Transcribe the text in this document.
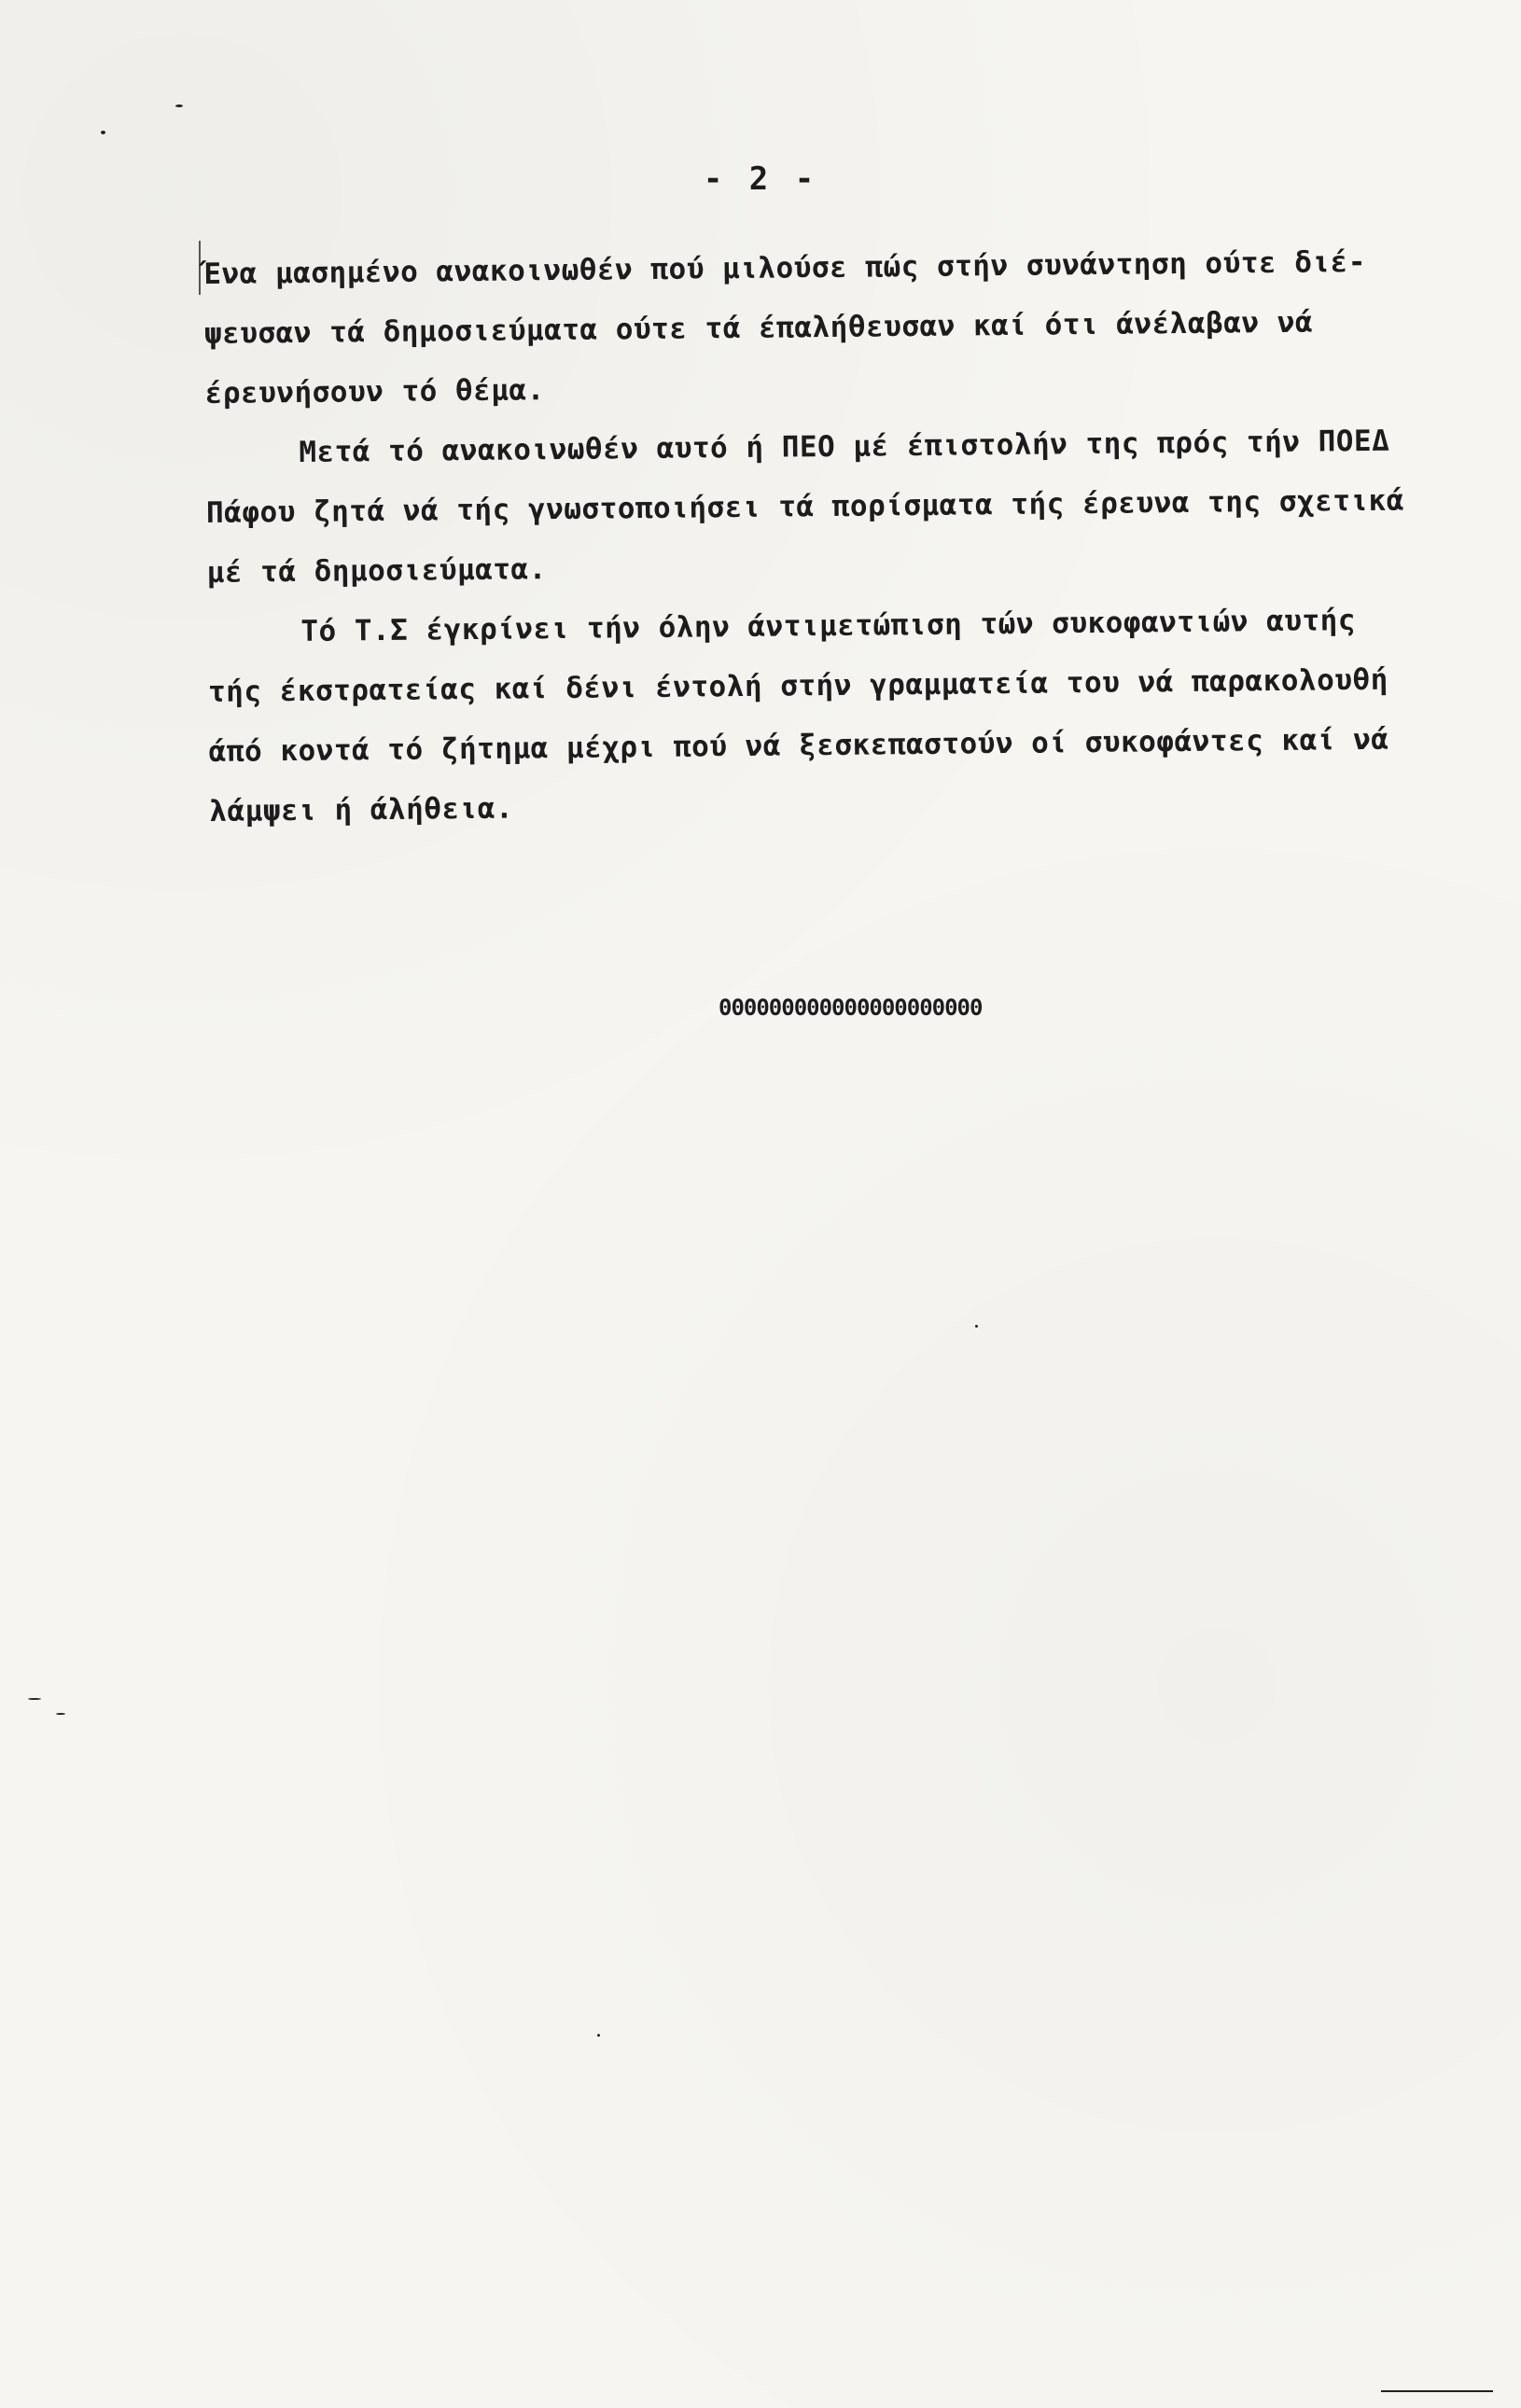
- 2 -
Ένα μασημένο ανακοινωθέν πού μιλούσε πώς στήν συνάντηση ούτε διέ-
ψευσαν τά δημοσιεύματα ούτε τά έπαλήθευσαν καί ότι άνέλαβαν νά
έρευνήσουν τό θέμα.
Μετά τό ανακοινωθέν αυτό ή ΠΕΟ μέ έπιστολήν της πρός τήν ΠΟΕΔ
Πάφου ζητά νά τής γνωστοποιήσει τά πορίσματα τής έρευνα της σχετικά
μέ τά δημοσιεύματα.
Τό Τ.Σ έγκρίνει τήν όλην άντιμετώπιση τών συκοφαντιών αυτής
τής έκστρατείας καί δένι έντολή στήν γραμματεία του νά παρακολουθή
άπό κοντά τό ζήτημα μέχρι πού νά ξεσκεπαστούν οί συκοφάντες καί νά
λάμψει ή άλήθεια.
000000000000000000000
